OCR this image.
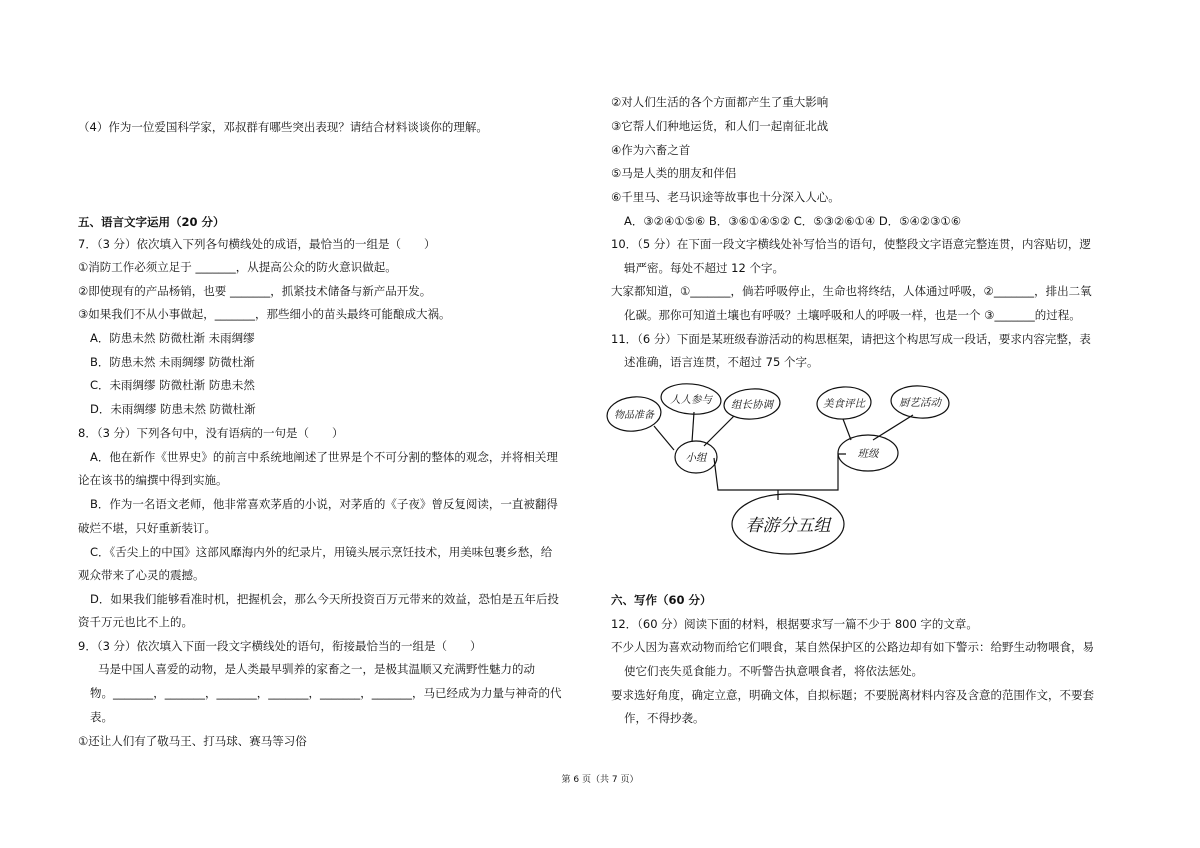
（4）作为一位爱国科学家，邓叔群有哪些突出表现？请结合材料谈谈你的理解。
五、语言文字运用（20 分）
7．（3 分）依次填入下列各句横线处的成语，最恰当的一组是（　　）
①消防工作必须立足于 _______，从提高公众的防火意识做起。
②即使现有的产品杨销，也要 _______，抓紧技术储备与新产品开发。
③如果我们不从小事做起，_______，那些细小的苗头最终可能酿成大祸。
A．防患未然 防微杜渐 未雨绸缪
B．防患未然 未雨绸缪 防微杜渐
C．未雨绸缪 防微杜渐 防患未然
D．未雨绸缪 防患未然 防微杜渐
8．（3 分）下列各句中，没有语病的一句是（　　）
A．他在新作《世界史》的前言中系统地阐述了世界是个不可分割的整体的观念，并将相关理
论在该书的编撰中得到实施。
B．作为一名语文老师，他非常喜欢茅盾的小说，对茅盾的《子夜》曾反复阅读，一直被翻得
破烂不堪，只好重新装订。
C．《舌尖上的中国》这部风靡海内外的纪录片，用镜头展示烹饪技术，用美味包裹乡愁，给
观众带来了心灵的震撼。
D．如果我们能够看准时机，把握机会，那么今天所投资百万元带来的效益，恐怕是五年后投
资千万元也比不上的。
9．（3 分）依次填入下面一段文字横线处的语句，衔接最恰当的一组是（　　）
马是中国人喜爱的动物，是人类最早驯养的家畜之一，是极其温顺又充满野性魅力的动
物。_______，_______，_______，_______，_______，_______，马已经成为力量与神奇的代
表。
①还让人们有了敬马王、打马球、赛马等习俗
②对人们生活的各个方面都产生了重大影响
③它帮人们种地运货，和人们一起南征北战
④作为六畜之首
⑤马是人类的朋友和伴侣
⑥千里马、老马识途等故事也十分深入人心。
A．③②④①⑤⑥ B．③⑥①④⑤② C．⑤③②⑥①④ D．⑤④②③①⑥
10．（5 分）在下面一段文字横线处补写恰当的语句，使整段文字语意完整连贯，内容贴切，逻
辑严密。每处不超过 12 个字。
大家都知道，①_______，倘若呼吸停止，生命也将终结，人体通过呼吸，②_______，排出二氧
化碳。那你可知道土壤也有呼吸？土壤呼吸和人的呼吸一样，也是一个 ③_______的过程。
11．（6 分）下面是某班级春游活动的构思框架，请把这个构思写成一段话，要求内容完整，表
述准确，语言连贯，不超过 75 个字。
物品准备
人人参与 组长协调
小组
美食评比	厨艺活动
班级
春游分五组
六、写作（60 分）
12．（60 分）阅读下面的材料，根据要求写一篇不少于 800 字的文章。
不少人因为喜欢动物而给它们喂食，某自然保护区的公路边却有如下警示：给野生动物喂食，易
使它们丧失觅食能力。不听警告执意喂食者，将依法惩处。
要求选好角度，确定立意，明确文体，自拟标题；不要脱离材料内容及含意的范围作文，不要套
作，不得抄袭。
第 6 页（共 7 页）
